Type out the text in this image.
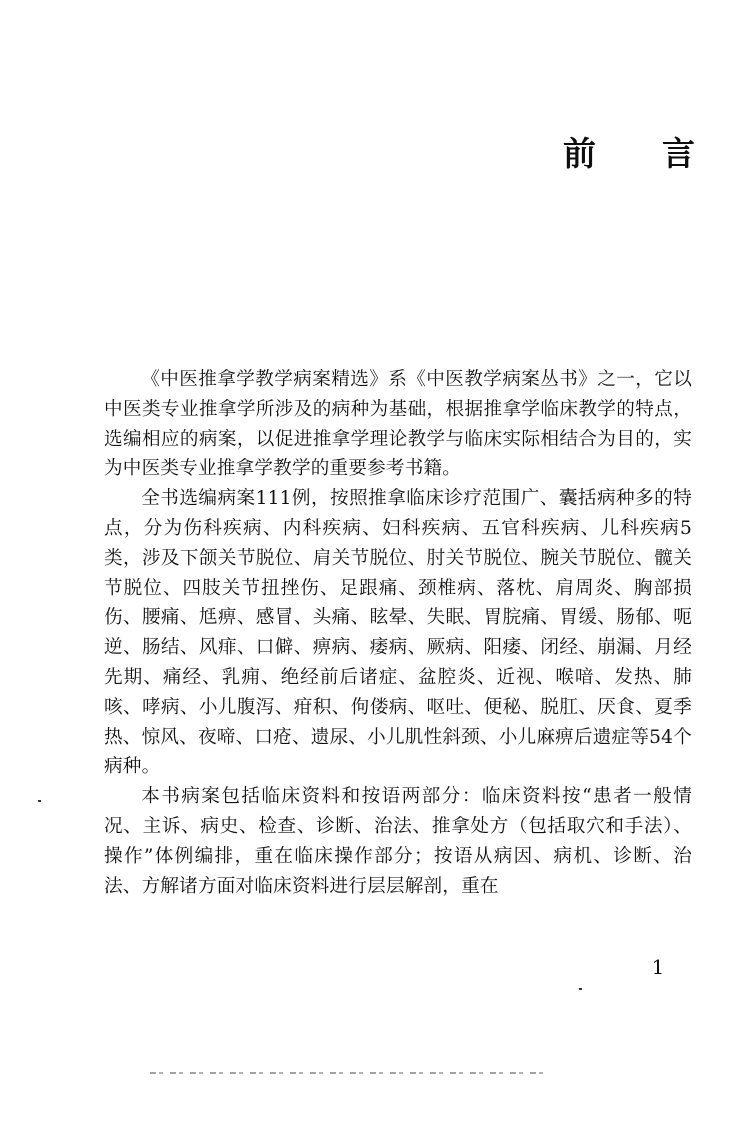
前 言

《中医推拿学教学病案精选》系《中医教学病案丛书》之一，它以中医类专业推拿学所涉及的病种为基础，根据推拿学临床教学的特点，选编相应的病案，以促进推拿学理论教学与临床实际相结合为目的，实为中医类专业推拿学教学的重要参考书籍。

全书选编病案111例，按照推拿临床诊疗范围广、囊括病种多的特点，分为伤科疾病、内科疾病、妇科疾病、五官科疾病、儿科疾病5类，涉及下颌关节脱位、肩关节脱位、肘关节脱位、腕关节脱位、髋关节脱位、四肢关节扭挫伤、足跟痛、颈椎病、落枕、肩周炎、胸部损伤、腰痛、尪痹、感冒、头痛、眩晕、失眠、胃脘痛、胃缓、肠郁、呃逆、肠结、风痱、口僻、痹病、痿病、厥病、阳痿、闭经、崩漏、月经先期、痛经、乳痈、绝经前后诸症、盆腔炎、近视、喉喑、发热、肺咳、哮病、小儿腹泻、疳积、佝偻病、呕吐、便秘、脱肛、厌食、夏季热、惊风、夜啼、口疮、遗尿、小儿肌性斜颈、小儿麻痹后遗症等54个病种。

本书病案包括临床资料和按语两部分：临床资料按“患者一般情况、主诉、病史、检查、诊断、治法、推拿处方（包括取穴和手法）、操作”体例编排，重在临床操作部分；按语从病因、病机、诊断、治法、方解诸方面对临床资料进行层层解剖，重在

1
